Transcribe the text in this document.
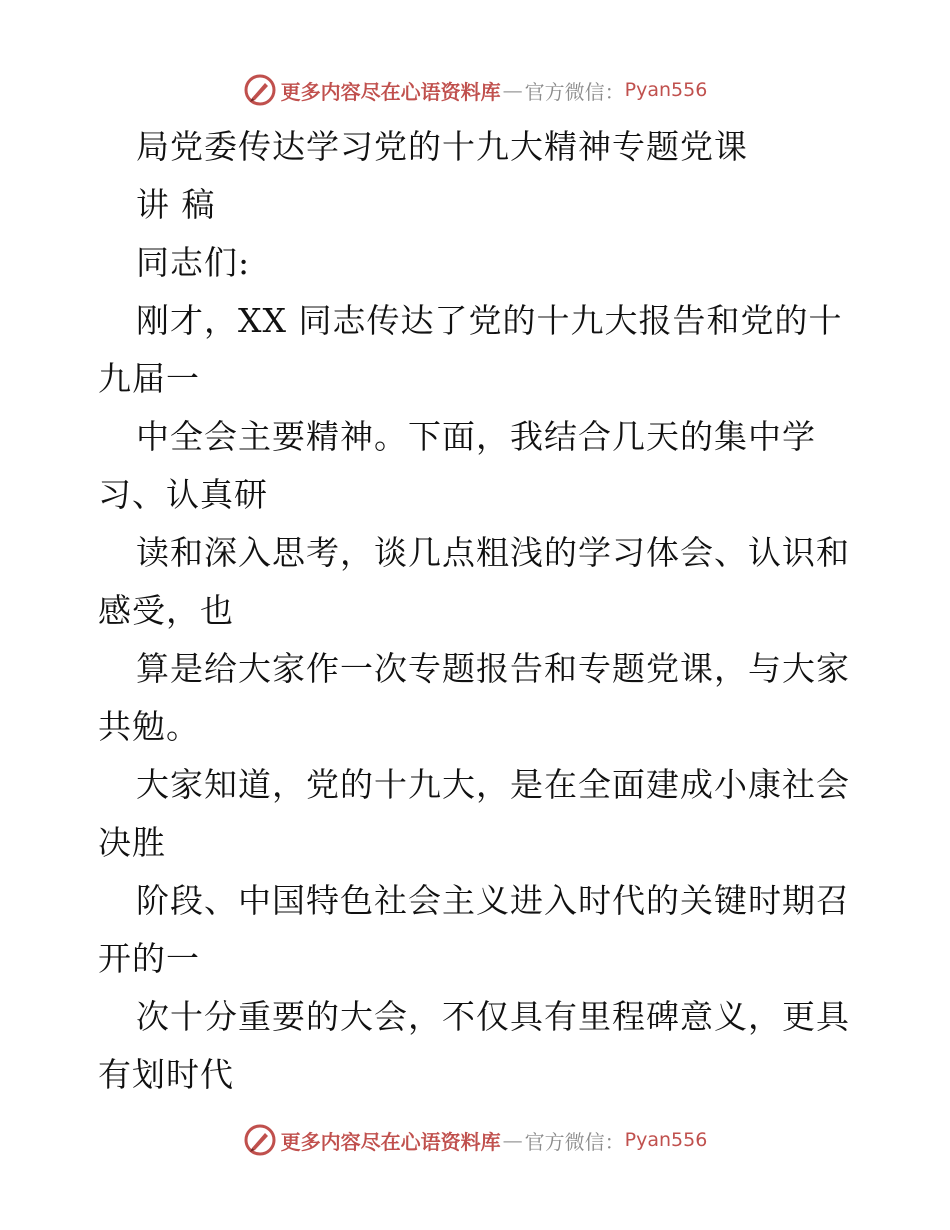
更多内容尽在心语资料库 — 官方微信： Pyan556
局党委传达学习党的十九大精神专题党课
讲 稿
同志们:
刚才，XX 同志传达了党的十九大报告和党的十
九届一
中全会主要精神。下面，我结合几天的集中学
习、认真研
读和深入思考，谈几点粗浅的学习体会、认识和
感受，也
算是给大家作一次专题报告和专题党课，与大家
共勉。
大家知道，党的十九大，是在全面建成小康社会
决胜
阶段、中国特色社会主义进入时代的关键时期召
开的一
次十分重要的大会，不仅具有里程碑意义，更具
有划时代
更多内容尽在心语资料库 — 官方微信： Pyan556
